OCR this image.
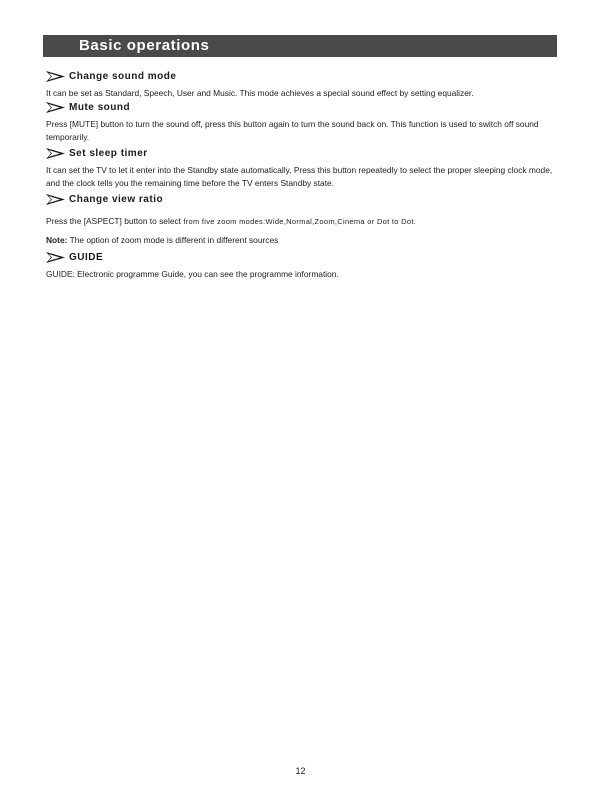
Basic operations
Change sound mode
It can be set as Standard, Speech, User and Music. This mode achieves a special sound effect by setting equalizer.
Mute sound
Press [MUTE] button to turn the sound off, press this button again to turn the sound back on. This function is used to switch off sound temporarily.
Set sleep timer
It can set the TV to let it enter into the Standby state automatically, Press this button repeatedly to select the proper sleeping clock mode, and the clock tells you the remaining time before the TV enters Standby state.
Change view ratio
Press the [ASPECT] button to select from five zoom modes:Wide,Normal,Zoom,Cinema or Dot to Dot.
Note: The option of zoom mode is different in different sources
GUIDE
GUIDE: Electronic programme Guide, you can see the programme information.
12
